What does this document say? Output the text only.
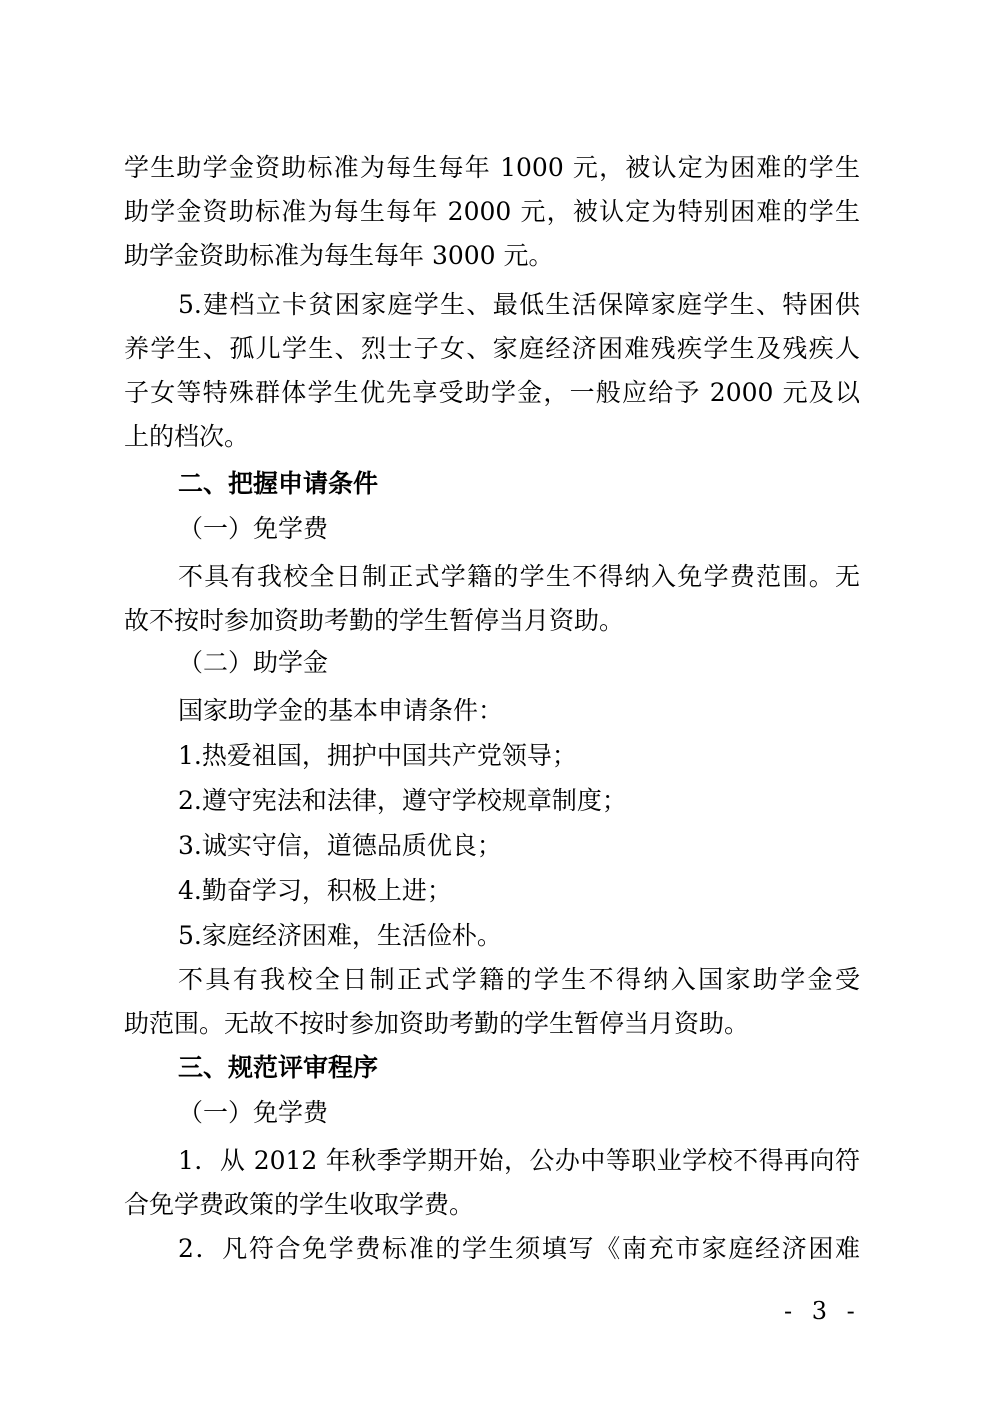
学生助学金资助标准为每生每年 1000 元，被认定为困难的学生
助学金资助标准为每生每年 2000 元，被认定为特别困难的学生
助学金资助标准为每生每年 3000 元。
5.建档立卡贫困家庭学生、最低生活保障家庭学生、特困供
养学生、孤儿学生、烈士子女、家庭经济困难残疾学生及残疾人
子女等特殊群体学生优先享受助学金，一般应给予 2000 元及以
上的档次。
二、把握申请条件
（一）免学费
不具有我校全日制正式学籍的学生不得纳入免学费范围。无
故不按时参加资助考勤的学生暂停当月资助。
（二）助学金
国家助学金的基本申请条件：
1.热爱祖国，拥护中国共产党领导；
2.遵守宪法和法律，遵守学校规章制度；
3.诚实守信，道德品质优良；
4.勤奋学习，积极上进；
5.家庭经济困难，生活俭朴。
不具有我校全日制正式学籍的学生不得纳入国家助学金受
助范围。无故不按时参加资助考勤的学生暂停当月资助。
三、规范评审程序
（一）免学费
1．从 2012 年秋季学期开始，公办中等职业学校不得再向符
合免学费政策的学生收取学费。
2．凡符合免学费标准的学生须填写《南充市家庭经济困难
- 3 -
